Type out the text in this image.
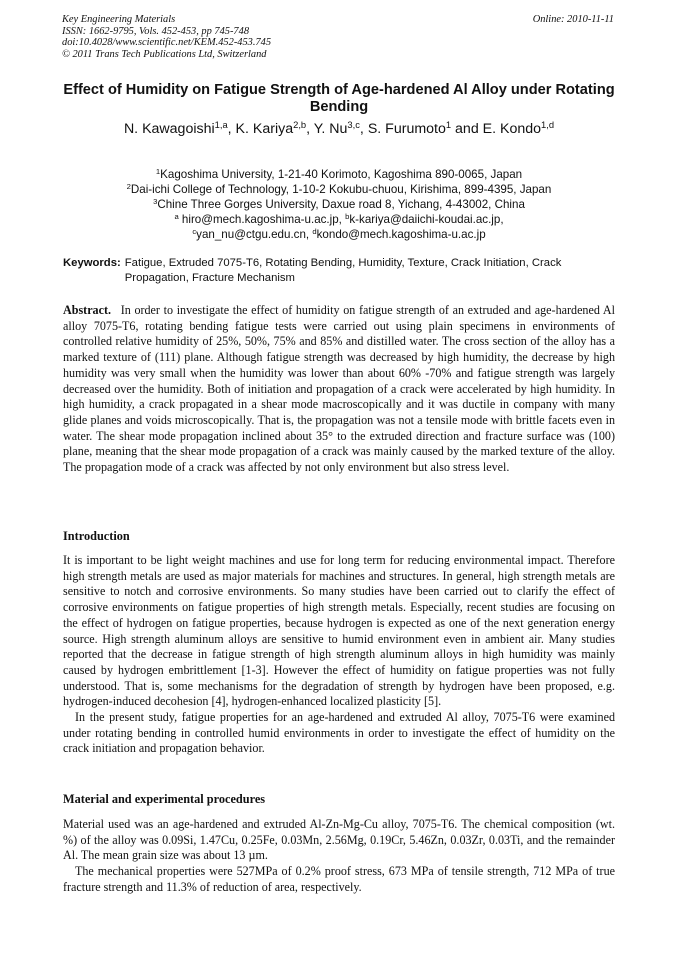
Key Engineering Materials
ISSN: 1662-9795, Vols. 452-453, pp 745-748
doi:10.4028/www.scientific.net/KEM.452-453.745
© 2011 Trans Tech Publications Ltd, Switzerland
Online: 2010-11-11
Effect of Humidity on Fatigue Strength of Age-hardened Al Alloy under Rotating Bending
N. Kawagoishi$^{1,a}$, K. Kariya$^{2,b}$, Y. Nu$^{3,c}$, S. Furumoto$^1$ and E. Kondo$^{1,d}$
$^1$Kagoshima University, 1-21-40 Korimoto, Kagoshima 890-0065, Japan
$^2$Dai-ichi College of Technology, 1-10-2 Kokubu-chuou, Kirishima, 899-4395, Japan
$^3$Chine Three Gorges University, Daxue road 8, Yichang, 4-43002, China
$^a$ hiro@mech.kagoshima-u.ac.jp, $^b$k-kariya@daiichi-koudai.ac.jp,
$^c$yan_nu@ctgu.edu.cn, $^d$kondo@mech.kagoshima-u.ac.jp
Keywords: Fatigue, Extruded 7075-T6, Rotating Bending, Humidity, Texture, Crack Initiation, Crack Propagation, Fracture Mechanism

Abstract. In order to investigate the effect of humidity on fatigue strength of an extruded and age-hardened Al alloy 7075-T6, rotating bending fatigue tests were carried out using plain specimens in environments of controlled relative humidity of 25%, 50%, 75% and 85% and distilled water. The cross section of the alloy has a marked texture of (111) plane. Although fatigue strength was decreased by high humidity, the decrease by high humidity was very small when the humidity was lower than about 60% -70% and fatigue strength was largely decreased over the humidity. Both of initiation and propagation of a crack were accelerated by high humidity. In high humidity, a crack propagated in a shear mode macroscopically and it was ductile in company with many glide planes and voids microscopically. That is, the propagation was not a tensile mode with brittle facets even in water. The shear mode propagation inclined about 35° to the extruded direction and fracture surface was (100) plane, meaning that the shear mode propagation of a crack was mainly caused by the marked texture of the alloy. The propagation mode of a crack was affected by not only environment but also stress level.

Introduction

It is important to be light weight machines and use for long term for reducing environmental impact. Therefore high strength metals are used as major materials for machines and structures. In general, high strength metals are sensitive to notch and corrosive environments. So many studies have been carried out to clarify the effect of corrosive environments on fatigue properties of high strength metals. Especially, recent studies are focusing on the effect of hydrogen on fatigue properties, because hydrogen is expected as one of the next generation energy source. High strength aluminum alloys are sensitive to humid environment even in ambient air. Many studies reported that the decrease in fatigue strength of high strength aluminum alloys in high humidity was mainly caused by hydrogen embrittlement [1-3]. However the effect of humidity on fatigue properties was not fully understood. That is, some mechanisms for the degradation of strength by hydrogen have been proposed, e.g. hydrogen-induced decohesion [4], hydrogen-enhanced localized plasticity [5].

In the present study, fatigue properties for an age-hardened and extruded Al alloy, 7075-T6 were examined under rotating bending in controlled humid environments in order to investigate the effect of humidity on the crack initiation and propagation behavior.

Material and experimental procedures

Material used was an age-hardened and extruded Al-Zn-Mg-Cu alloy, 7075-T6. The chemical composition (wt. %) of the alloy was 0.09Si, 1.47Cu, 0.25Fe, 0.03Mn, 2.56Mg, 0.19Cr, 5.46Zn, 0.03Zr, 0.03Ti, and the remainder Al. The mean grain size was about 13 µm.

The mechanical properties were 527MPa of 0.2% proof stress, 673 MPa of tensile strength, 712 MPa of true fracture strength and 11.3% of reduction of area, respectively.
